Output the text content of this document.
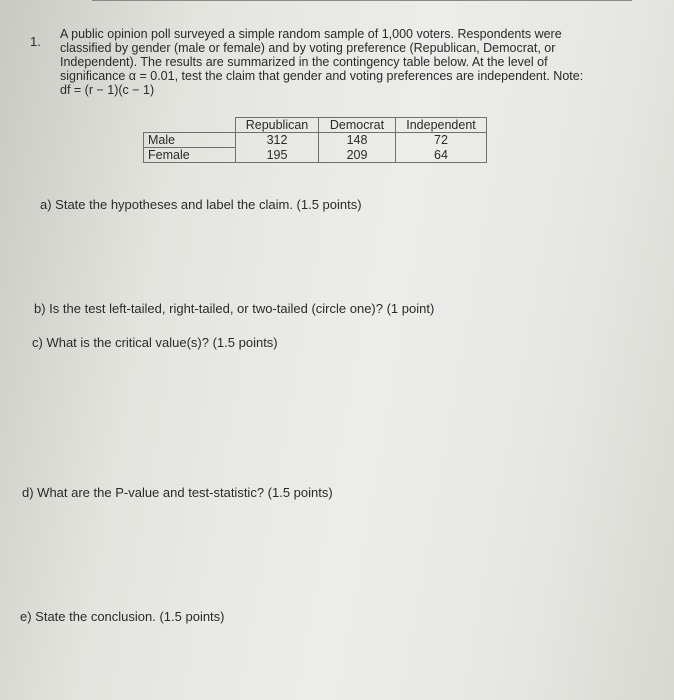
1. A public opinion poll surveyed a simple random sample of 1,000 voters. Respondents were

classified by gender (male or female) and by voting preference (Republican, Democrat, or

Independent). The results are summarized in the contingency table below. At the level of

significance α = 0.01, test the claim that gender and voting preferences are independent. Note:

df = (r − 1)(c − 1)

	Republican	Democrat	Independent
Male	312	148	72
Female	195	209	64
a) State the hypotheses and label the claim. (1.5 points)
b) Is the test left-tailed, right-tailed, or two-tailed (circle one)? (1 point)
c) What is the critical value(s)? (1.5 points)
d) What are the P-value and test-statistic? (1.5 points)
e) State the conclusion. (1.5 points)
